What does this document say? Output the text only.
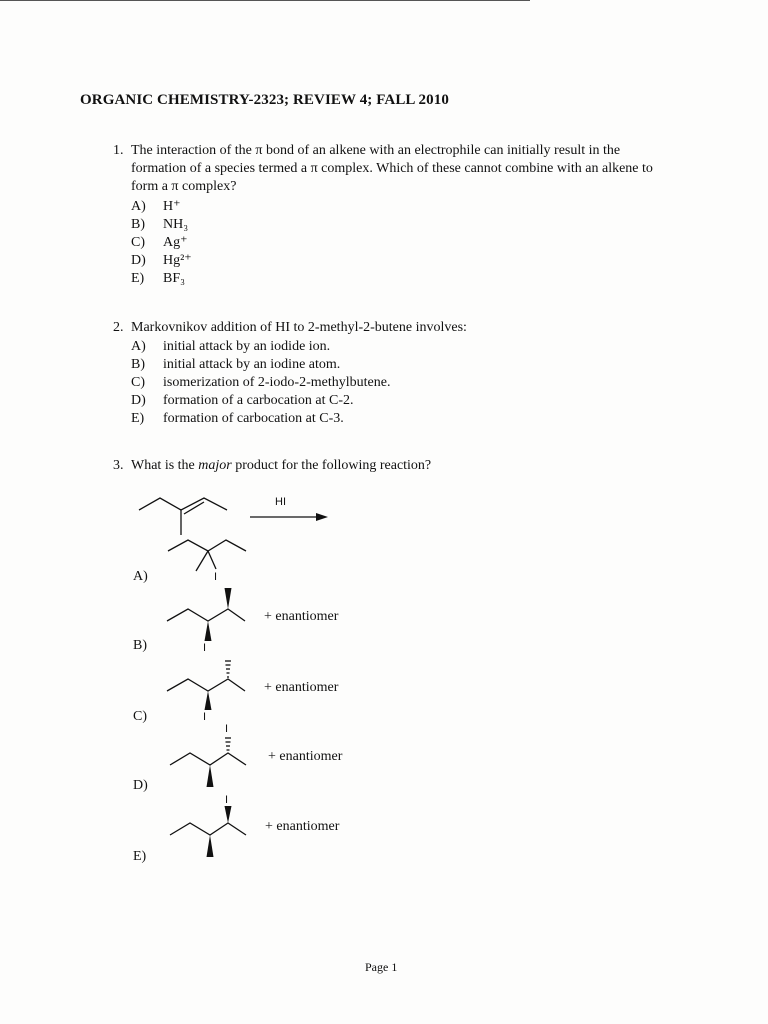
ORGANIC CHEMISTRY-2323; REVIEW 4; FALL 2010
1. The interaction of the π bond of an alkene with an electrophile can initially result in the formation of a species termed a π complex. Which of these cannot combine with an alkene to form a π complex?
A) H⁺
B) NH₃
C) Ag⁺
D) Hg²⁺
E) BF₃
2. Markovnikov addition of HI to 2-methyl-2-butene involves:
A) initial attack by an iodide ion.
B) initial attack by an iodine atom.
C) isomerization of 2-iodo-2-methylbutene.
D) formation of a carbocation at C-2.
E) formation of carbocation at C-3.
3. What is the major product for the following reaction?
HI
I
I
I
I
I
A)
B)
C)
D)
E)
+ enantiomer
+ enantiomer
+ enantiomer
+ enantiomer
Page 1
